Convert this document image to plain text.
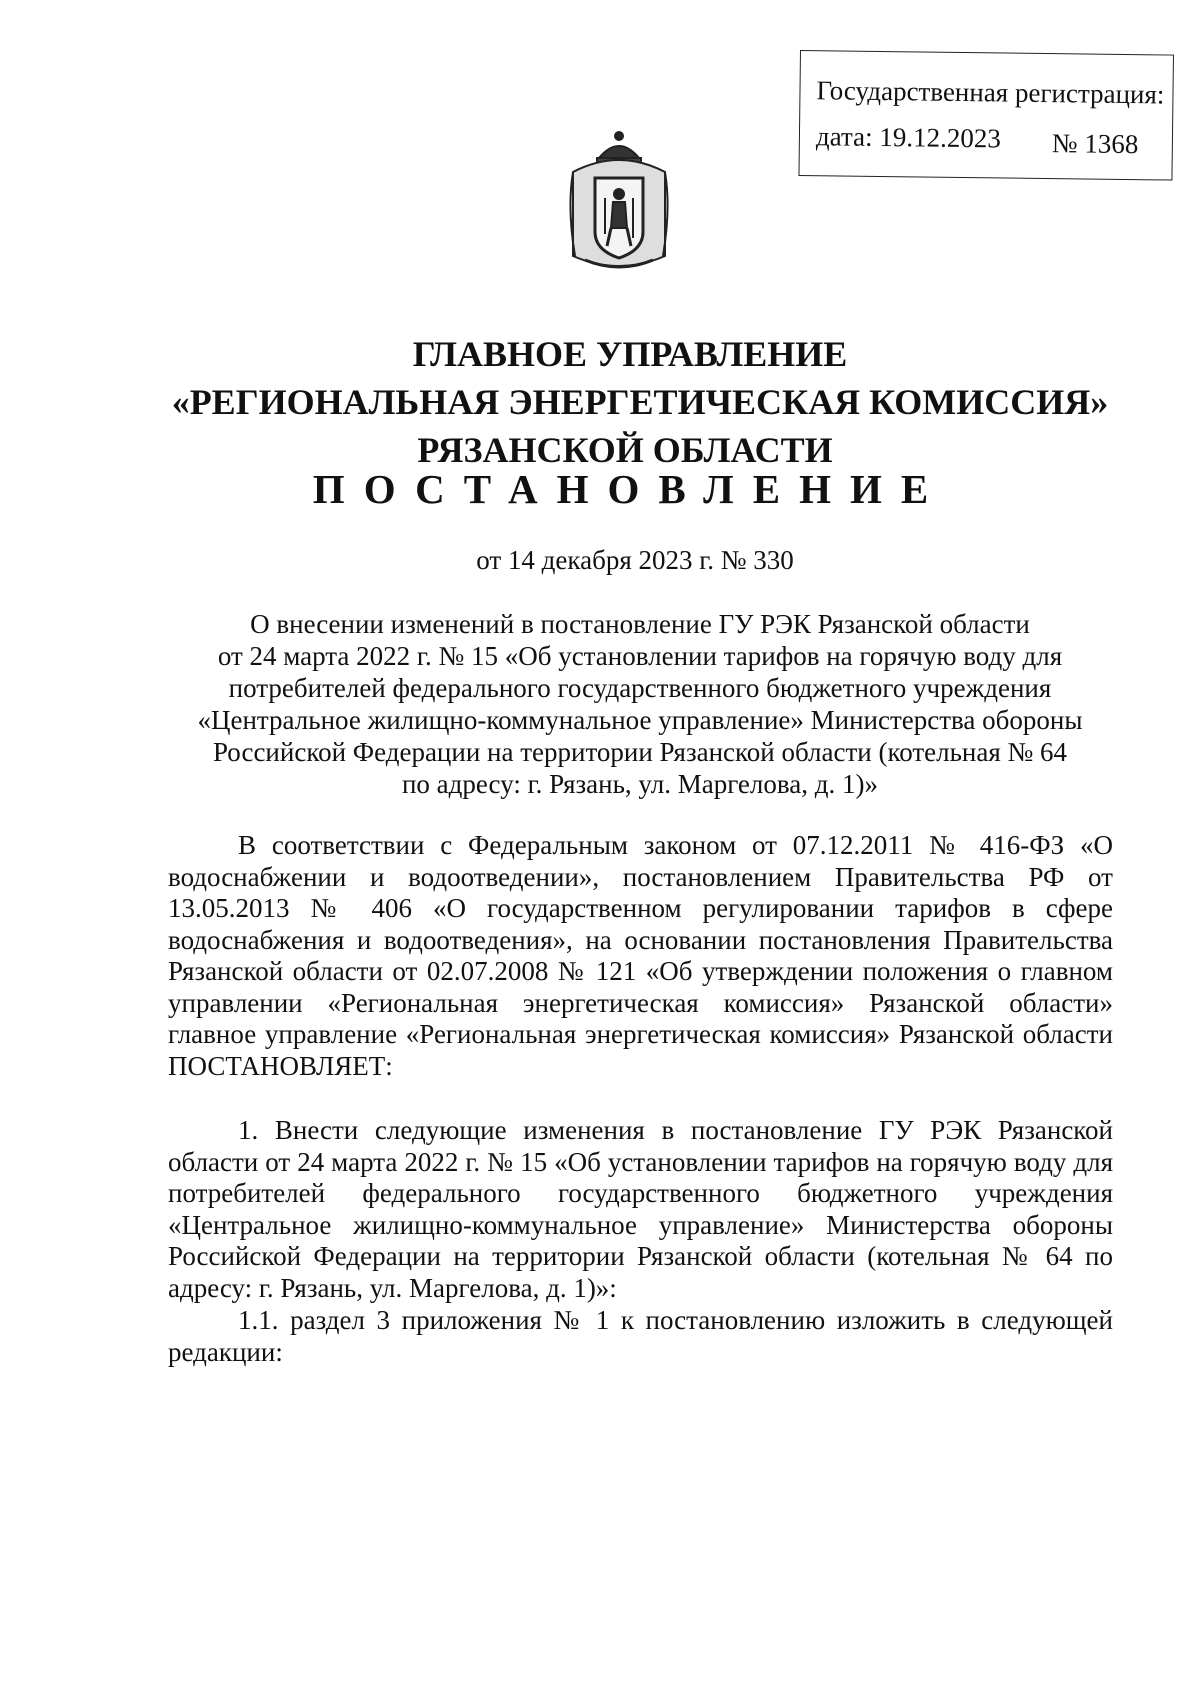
Государственная регистрация:
дата: 19.12.2023 № 1368
ГЛАВНОЕ УПРАВЛЕНИЕ
«РЕГИОНАЛЬНАЯ ЭНЕРГЕТИЧЕСКАЯ КОМИССИЯ»
РЯЗАНСКОЙ ОБЛАСТИ
ПОСТАНОВЛЕНИЕ
от 14 декабря 2023 г. № 330
О внесении изменений в постановление ГУ РЭК Рязанской области
от 24 марта 2022 г. № 15 «Об установлении тарифов на горячую воду для
потребителей федерального государственного бюджетного учреждения
«Центральное жилищно-коммунальное управление» Министерства обороны
Российской Федерации на территории Рязанской области (котельная № 64
по адресу: г. Рязань, ул. Маргелова, д. 1)»

В соответствии с Федеральным законом от 07.12.2011 № 416-ФЗ «О водоснабжении и водоотведении», постановлением Правительства РФ от 13.05.2013 № 406 «О государственном регулировании тарифов в сфере водоснабжения и водоотведения», на основании постановления Правительства Рязанской области от 02.07.2008 № 121 «Об утверждении положения о главном управлении «Региональная энергетическая комиссия» Рязанской области» главное управление «Региональная энергетическая комиссия» Рязанской области ПОСТАНОВЛЯЕТ:

1. Внести следующие изменения в постановление ГУ РЭК Рязанской области от 24 марта 2022 г. № 15 «Об установлении тарифов на горячую воду для потребителей федерального государственного бюджетного учреждения «Центральное жилищно-коммунальное управление» Министерства обороны Российской Федерации на территории Рязанской области (котельная № 64 по адресу: г. Рязань, ул. Маргелова, д. 1)»:

1.1. раздел 3 приложения № 1 к постановлению изложить в следующей редакции:
